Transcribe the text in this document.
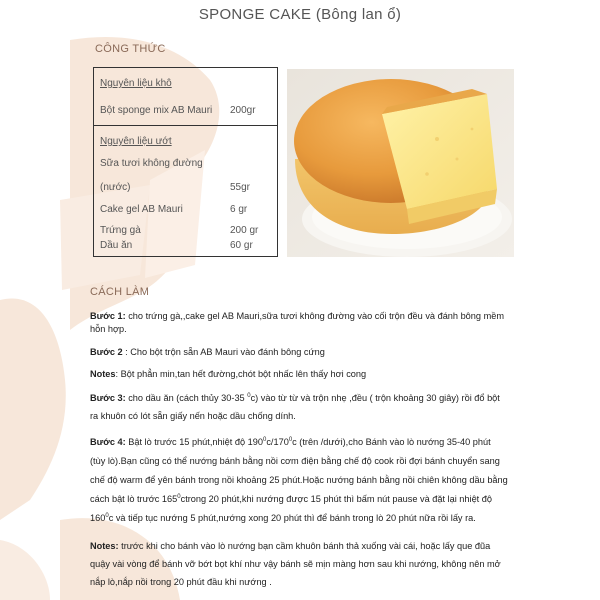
SPONGE CAKE (Bông lan ổ)
CÔNG THỨC
Nguyên liệu khô
Bột sponge mix AB Mauri 200gr
Nguyên liệu ướt
Sữa tươi không đường
(nước)	55gr
Cake gel AB Mauri	6 gr
Trứng gà	200 gr
Dầu ăn	60 gr
CÁCH LÀM
Bước 1: cho trứng gà,,cake gel AB Mauri,sữa tươi không đường vào cối trộn đều và đánh bông mềm
hỗn hợp.
Bước 2 : Cho bột trộn sẵn AB Mauri vào đánh bông cứng
Notes: Bột phẳn min,tan hết đường,chót bột nhấc lên thấy hơi cong
Bước 3: cho dầu ăn (cách thủy 30-35 $^0$c) vào từ từ và trộn nhẹ ,đều ( trộn khoảng 30 giây) rồi đổ bột
ra khuôn có lót sẵn giấy nến hoặc dầu chống dính.
Bước 4: Bật lò trước 15 phút,nhiệt độ $190^0c/170^0c$ (trên /dưới),cho Bánh vào lò nướng 35-40 phút
(tùy lò).Bạn cũng có thể nướng bánh bằng nồi cơm điện bằng chế độ cook rồi đợi bánh chuyển sang
chế độ warm để yên bánh trong nồi khoảng 25 phút.Hoặc nướng bánh bằng nồi chiên không dầu bằng
cách bật lò trước $165^0ctrong$ 20 phút,khi nướng được 15 phút thì bấm nút pause và đặt lại nhiệt độ
$160^0c$ và tiếp tục nướng 5 phút,nướng xong 20 phút thì để bánh trong lò 20 phút nữa rồi lấy ra.
Notes: trước khi cho bánh vào lò nướng bạn cầm khuôn bánh thả xuống vài cái, hoặc lấy que đũa
quậy vài vòng để bánh vỡ bớt bọt khí như vậy bánh sẽ mịn màng hơn sau khi nướng, không nên mở
nắp lò,nắp nồi trong 20 phút đầu khi nướng .
